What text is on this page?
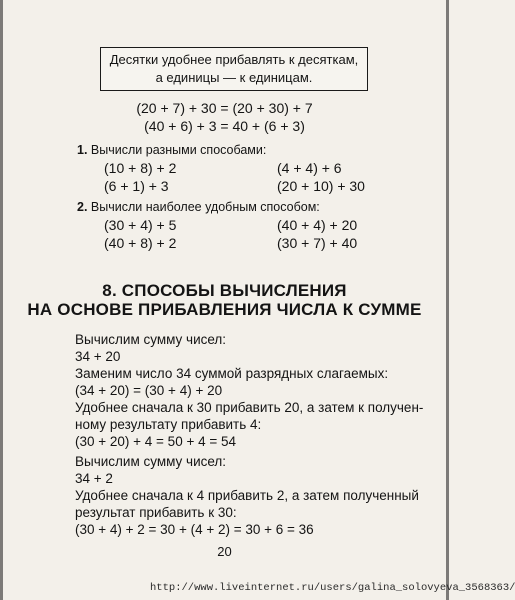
Десятки удобнее прибавлять к десяткам,
а единицы — к единицам.
(20 + 7) + 30 = (20 + 30) + 7
(40 + 6) + 3 = 40 + (6 + 3)
1. Вычисли разными способами:
(10 + 8) + 2	(4 + 4) + 6
(6 + 1) + 3	(20 + 10) + 30
2. Вычисли наиболее удобным способом:
(30 + 4) + 5	(40 + 4) + 20
(40 + 8) + 2	(30 + 7) + 40
8. СПОСОБЫ ВЫЧИСЛЕНИЯ
НА ОСНОВЕ ПРИБАВЛЕНИЯ ЧИСЛА К СУММЕ
Вычислим сумму чисел:
34 + 20
Заменим число 34 суммой разрядных слагаемых:
(34 + 20) = (30 + 4) + 20
Удобнее сначала к 30 прибавить 20, а затем к получен-
ному результату прибавить 4:
(30 + 20) + 4 = 50 + 4 = 54
Вычислим сумму чисел:
34 + 2
Удобнее сначала к 4 прибавить 2, а затем полученный
результат прибавить к 30:
(30 + 4) + 2 = 30 + (4 + 2) = 30 + 6 = 36
20
http://www.liveinternet.ru/users/galina_solovyeva_3568363/
